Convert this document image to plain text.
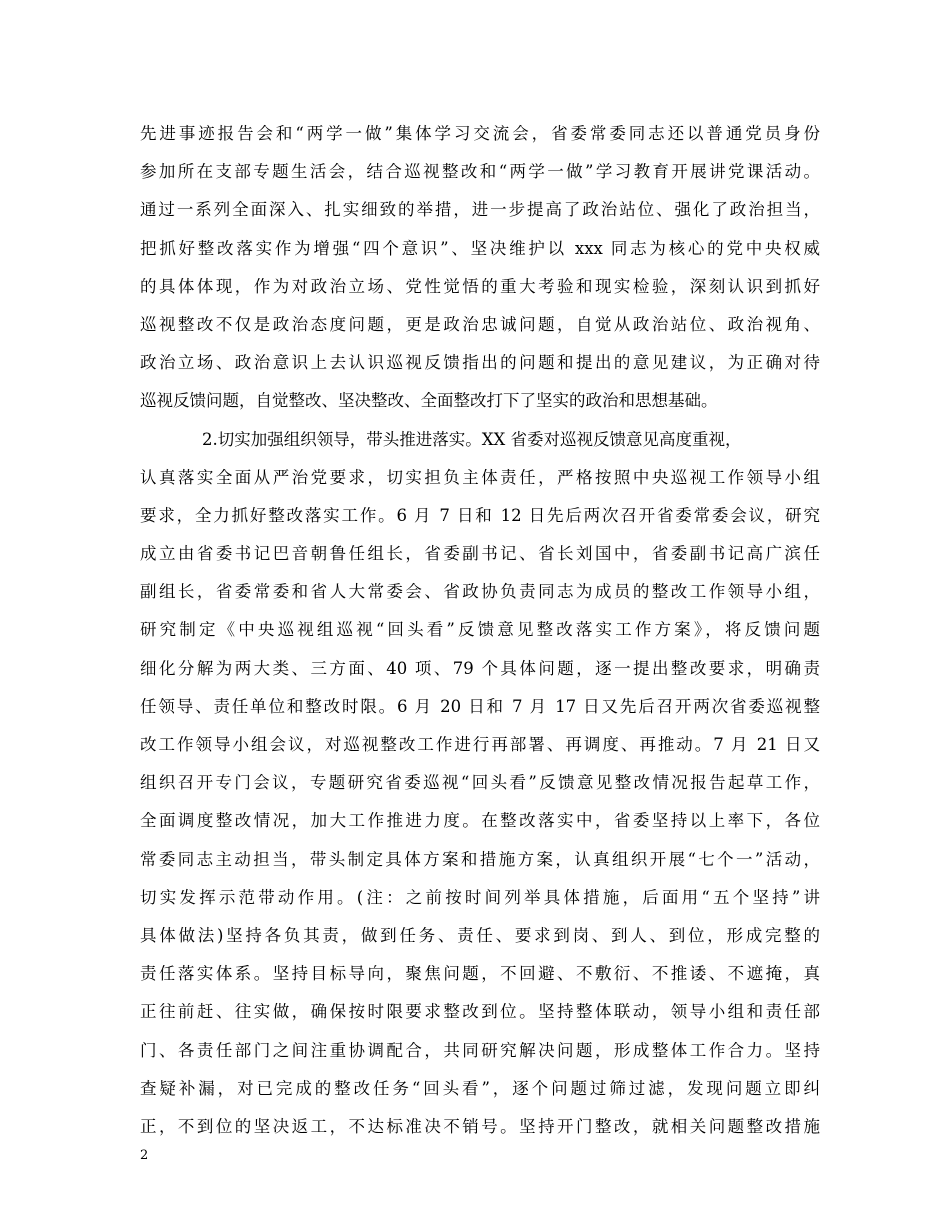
先进事迹报告会和“两学一做”集体学习交流会，省委常委同志还以普通党员身份
参加所在支部专题生活会，结合巡视整改和“两学一做”学习教育开展讲党课活动。
通过一系列全面深入、扎实细致的举措，进一步提高了政治站位、强化了政治担当，
把抓好整改落实作为增强“四个意识”、坚决维护以 xxx 同志为核心的党中央权威
的具体体现，作为对政治立场、党性觉悟的重大考验和现实检验，深刻认识到抓好
巡视整改不仅是政治态度问题，更是政治忠诚问题，自觉从政治站位、政治视角、
政治立场、政治意识上去认识巡视反馈指出的问题和提出的意见建议，为正确对待
巡视反馈问题，自觉整改、坚决整改、全面整改打下了坚实的政治和思想基础。
2.切实加强组织领导，带头推进落实。XX 省委对巡视反馈意见高度重视，
认真落实全面从严治党要求，切实担负主体责任，严格按照中央巡视工作领导小组
要求，全力抓好整改落实工作。6 月 7 日和 12 日先后两次召开省委常委会议，研究
成立由省委书记巴音朝鲁任组长，省委副书记、省长刘国中，省委副书记高广滨任
副组长，省委常委和省人大常委会、省政协负责同志为成员的整改工作领导小组，
研究制定《中央巡视组巡视“回头看”反馈意见整改落实工作方案》，将反馈问题
细化分解为两大类、三方面、40 项、79 个具体问题，逐一提出整改要求，明确责
任领导、责任单位和整改时限。6 月 20 日和 7 月 17 日又先后召开两次省委巡视整
改工作领导小组会议，对巡视整改工作进行再部署、再调度、再推动。7 月 21 日又
组织召开专门会议，专题研究省委巡视“回头看”反馈意见整改情况报告起草工作，
全面调度整改情况，加大工作推进力度。在整改落实中，省委坚持以上率下，各位
常委同志主动担当，带头制定具体方案和措施方案，认真组织开展“七个一”活动，
切实发挥示范带动作用。(注：之前按时间列举具体措施，后面用“五个坚持”讲
具体做法)坚持各负其责，做到任务、责任、要求到岗、到人、到位，形成完整的
责任落实体系。坚持目标导向，聚焦问题，不回避、不敷衍、不推诿、不遮掩，真
正往前赶、往实做，确保按时限要求整改到位。坚持整体联动，领导小组和责任部
门、各责任部门之间注重协调配合，共同研究解决问题，形成整体工作合力。坚持
查疑补漏，对已完成的整改任务“回头看”，逐个问题过筛过滤，发现问题立即纠
正，不到位的坚决返工，不达标准决不销号。坚持开门整改，就相关问题整改措施
2
